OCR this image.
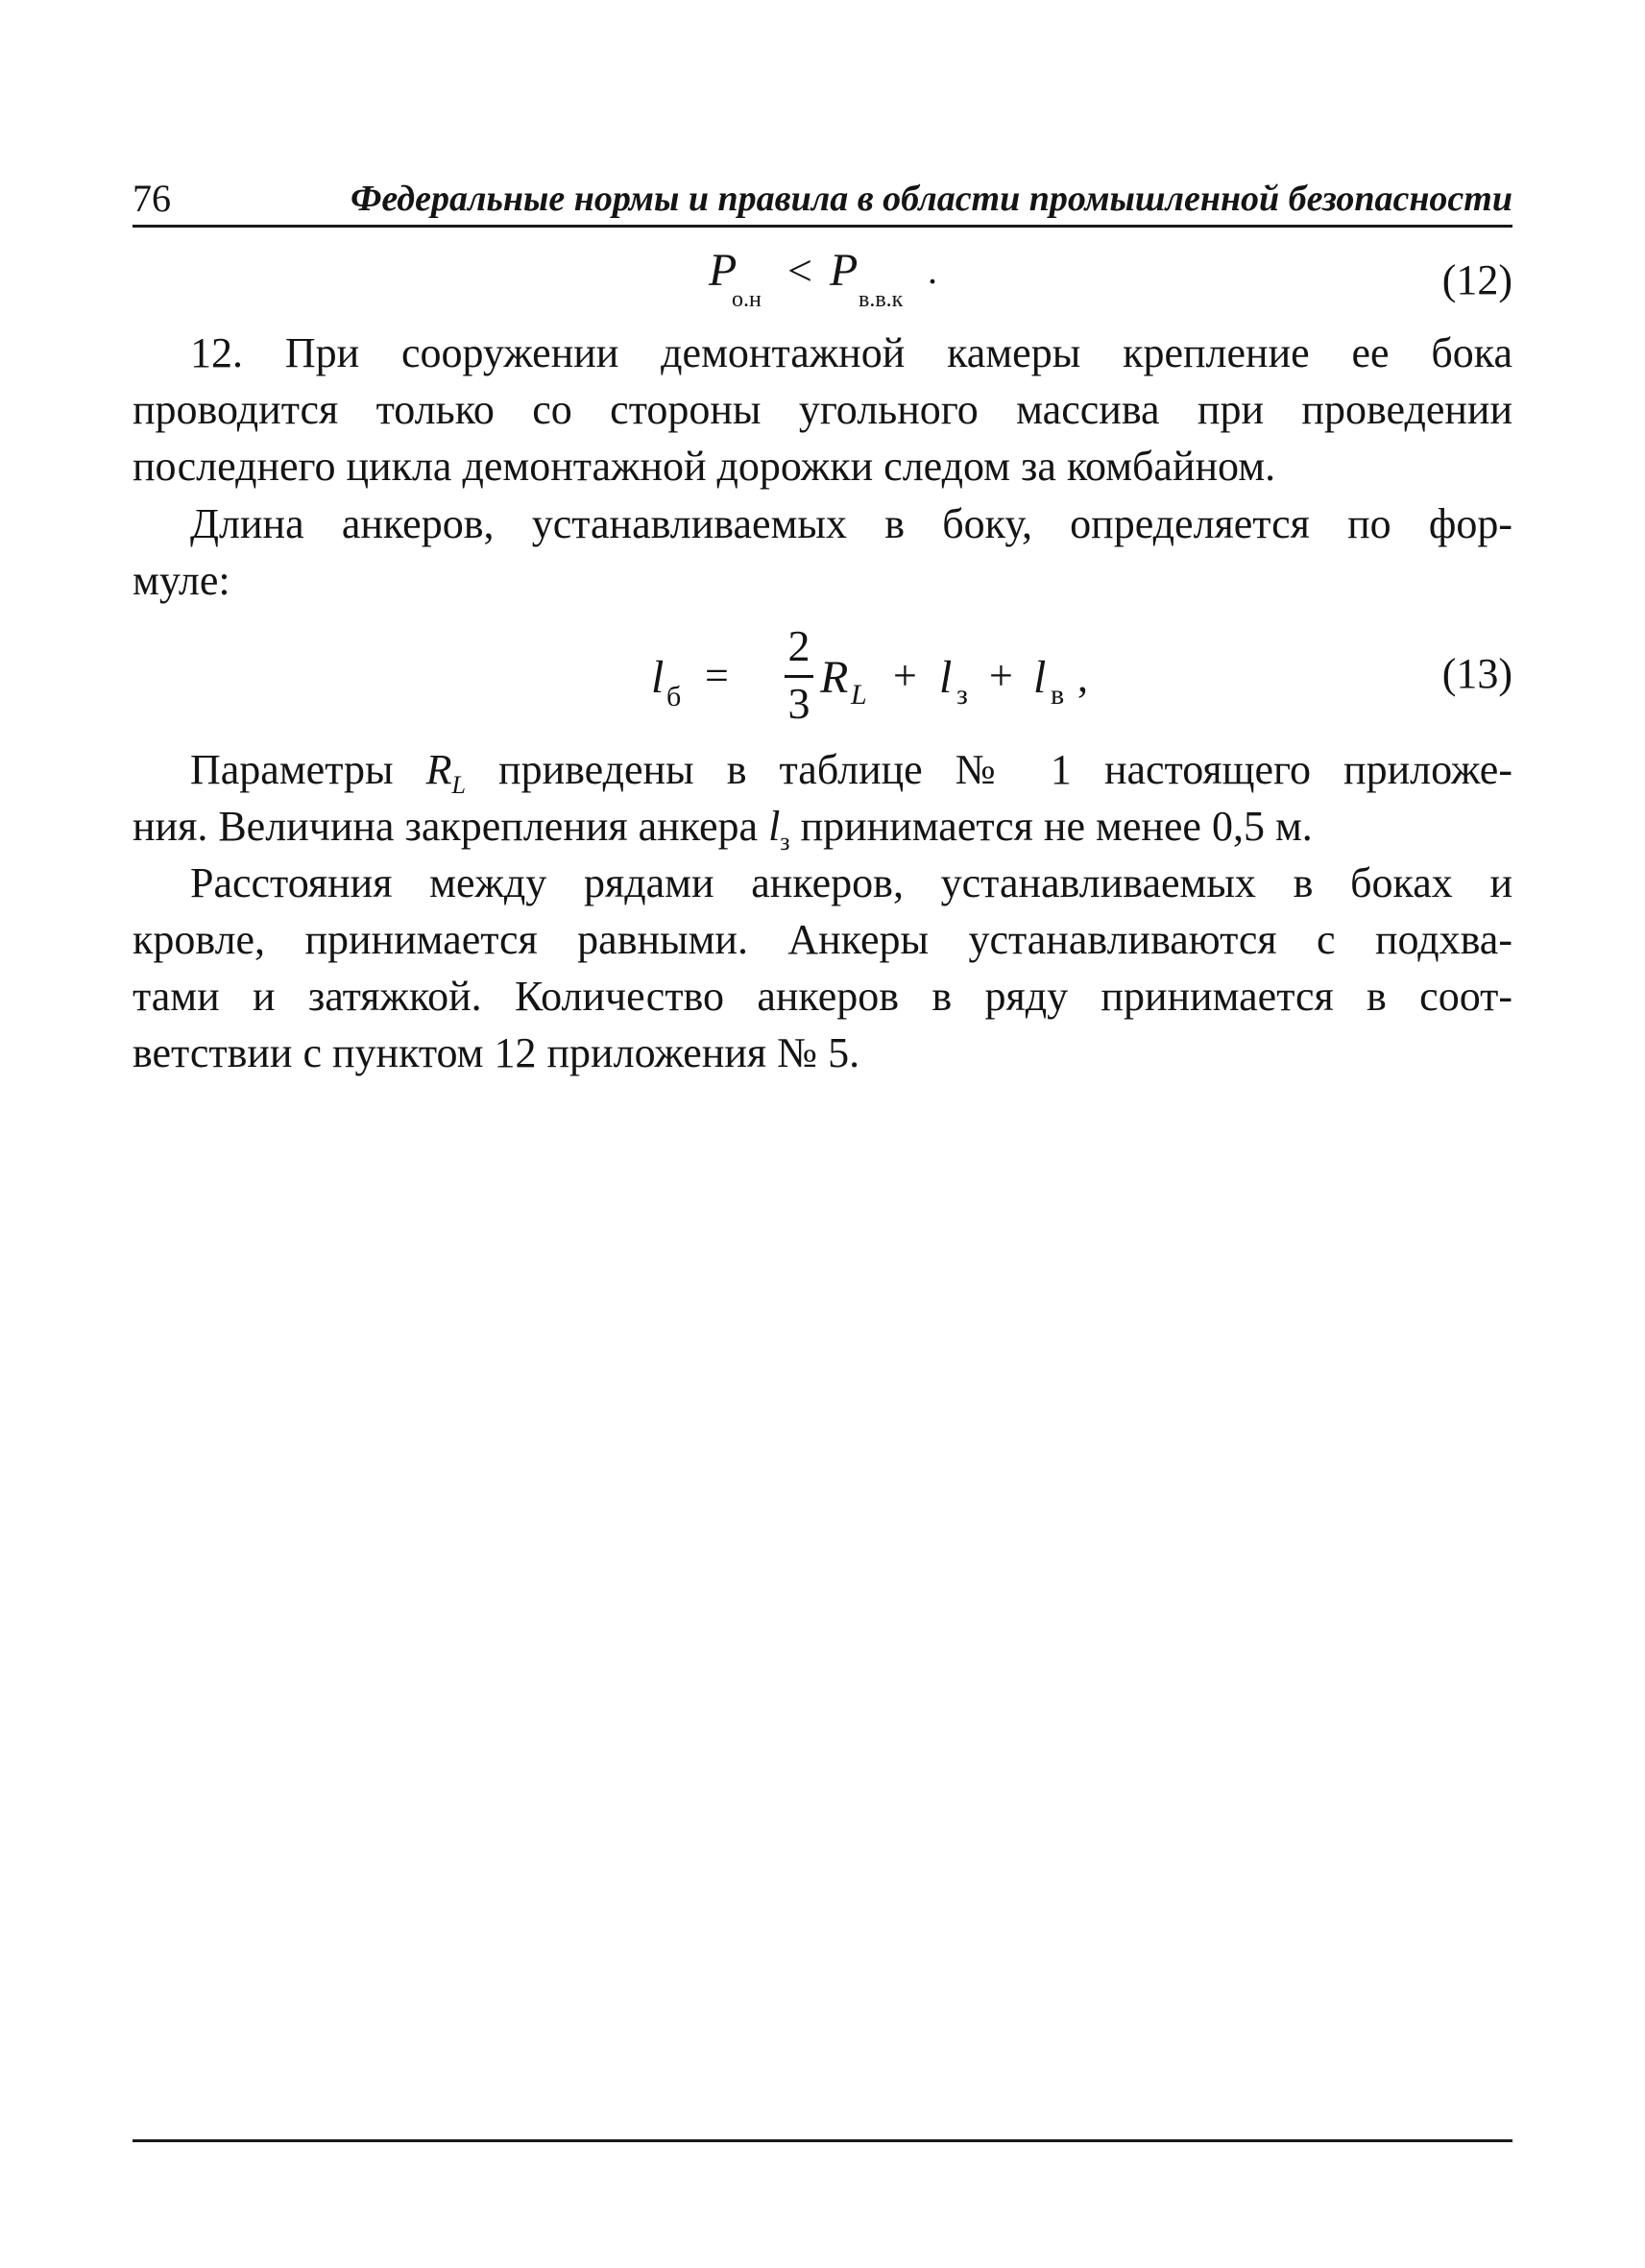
76	Федеральные нормы и правила в области промышленной безопасности
P
о.н
< P
в.в.к
.	(12)
12. При сооружении демонтажной камеры крепление ее бока
проводится только со стороны угольного массива при проведении
последнего цикла демонтажной дорожки следом за комбайном.
Длина анкеров, устанавливаемых в боку, определяется по фор-
муле:
l б =
2
3
R L + l з + l в ,	(13)
Параметры $R_L$ приведены в таблице № 1 настоящего приложе-
ния. Величина закрепления анкера $l_з$ принимается не менее 0,5 м.
Расстояния между рядами анкеров, устанавливаемых в боках и
кровле, принимается равными. Анкеры устанавливаются с подхва-
тами и затяжкой. Количество анкеров в ряду принимается в соот-
ветствии с пунктом 12 приложения № 5.
